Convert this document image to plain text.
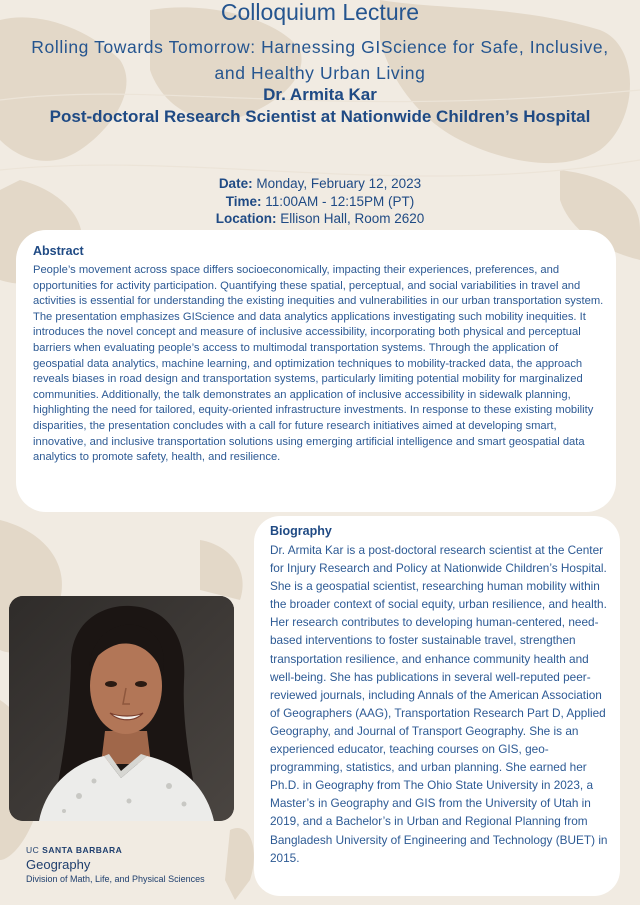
Colloquium Lecture
Rolling Towards Tomorrow: Harnessing GIScience for Safe, Inclusive, and Healthy Urban Living
Dr. Armita Kar
Post-doctoral Research Scientist at Nationwide Children’s Hospital
Date: Monday, February 12, 2023
Time: 11:00AM - 12:15PM (PT)
Location: Ellison Hall, Room 2620
Abstract
People’s movement across space differs socioeconomically, impacting their experiences, preferences, and opportunities for activity participation. Quantifying these spatial, perceptual, and social variabilities in travel and activities is essential for understanding the existing inequities and vulnerabilities in our urban transportation system. The presentation emphasizes GIScience and data analytics applications investigating such mobility inequities. It introduces the novel concept and measure of inclusive accessibility, incorporating both physical and perceptual barriers when evaluating people’s access to multimodal transportation systems. Through the application of geospatial data analytics, machine learning, and optimization techniques to mobility-tracked data, the approach reveals biases in road design and transportation systems, particularly limiting potential mobility for marginalized communities. Additionally, the talk demonstrates an application of inclusive accessibility in sidewalk planning, highlighting the need for tailored, equity-oriented infrastructure investments. In response to these existing mobility disparities, the presentation concludes with a call for future research initiatives aimed at developing smart, innovative, and inclusive transportation solutions using emerging artificial intelligence and smart geospatial data analytics to promote safety, health, and resilience.
Biography
Dr. Armita Kar is a post-doctoral research scientist at the Center for Injury Research and Policy at Nationwide Children’s Hospital. She is a geospatial scientist, researching human mobility within the broader context of social equity, urban resilience, and health. Her research contributes to developing human-centered, need-based interventions to foster sustainable travel, strengthen transportation resilience, and enhance community health and well-being. She has publications in several well-reputed peer-reviewed journals, including Annals of the American Association of Geographers (AAG), Transportation Research Part D, Applied Geography, and Journal of Transport Geography. She is an experienced educator, teaching courses on GIS, geo-programming, statistics, and urban planning. She earned her Ph.D. in Geography from The Ohio State University in 2023, a Master’s in Geography and GIS from the University of Utah in 2019, and a Bachelor’s in Urban and Regional Planning from Bangladesh University of Engineering and Technology (BUET) in 2015.
UC SANTA BARBARA
Geography
Division of Math, Life, and Physical Sciences
